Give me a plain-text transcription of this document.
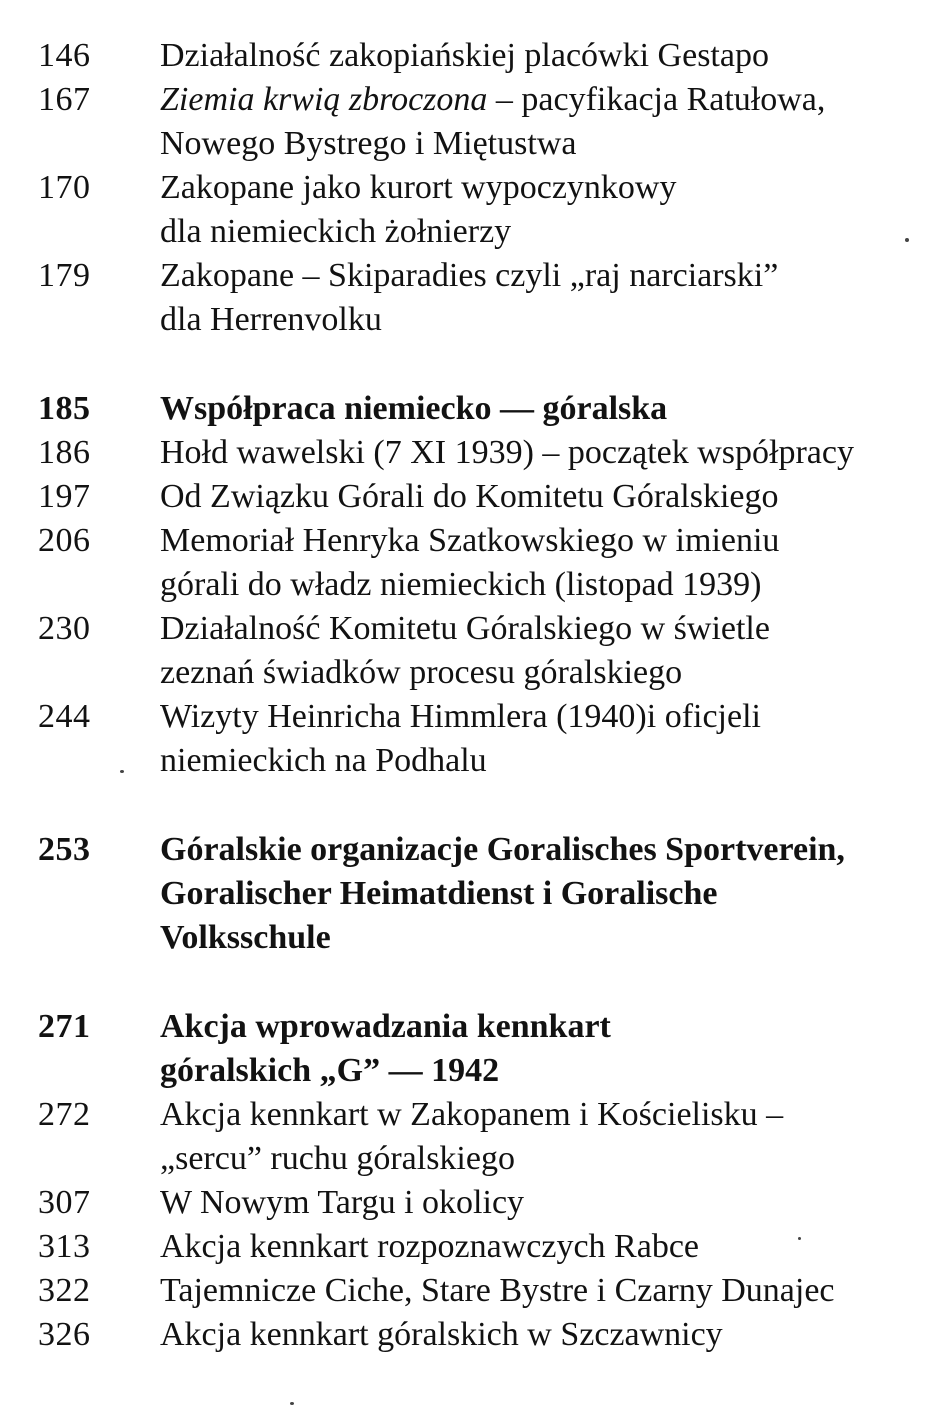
146	Działalność zakopiańskiej placówki Gestapo
167	Ziemia krwią zbroczona – pacyfikacja Ratułowa,
Nowego Bystrego i Miętustwa
170	Zakopane jako kurort wypoczynkowy
dla niemieckich żołnierzy
179	Zakopane – Skiparadies czyli „raj narciarski”
dla Herrenvolku
185	Współpraca niemiecko — góralska
186	Hołd wawelski (7 XI 1939) – początek współpracy
197	Od Związku Górali do Komitetu Góralskiego
206	Memoriał Henryka Szatkowskiego w imieniu
górali do władz niemieckich (listopad 1939)
230	Działalność Komitetu Góralskiego w świetle
zeznań świadków procesu góralskiego
244	Wizyty Heinricha Himmlera (1940)i oficjeli
niemieckich na Podhalu
253	Góralskie organizacje Goralisches Sportverein,
Goralischer Heimatdienst i Goralische
Volksschule
271	Akcja wprowadzania kennkart
góralskich „G” — 1942
272	Akcja kennkart w Zakopanem i Kościelisku –
„sercu” ruchu góralskiego
307	W Nowym Targu i okolicy
313	Akcja kennkart rozpoznawczych Rabce
322	Tajemnicze Ciche, Stare Bystre i Czarny Dunajec
326	Akcja kennkart góralskich w Szczawnicy
